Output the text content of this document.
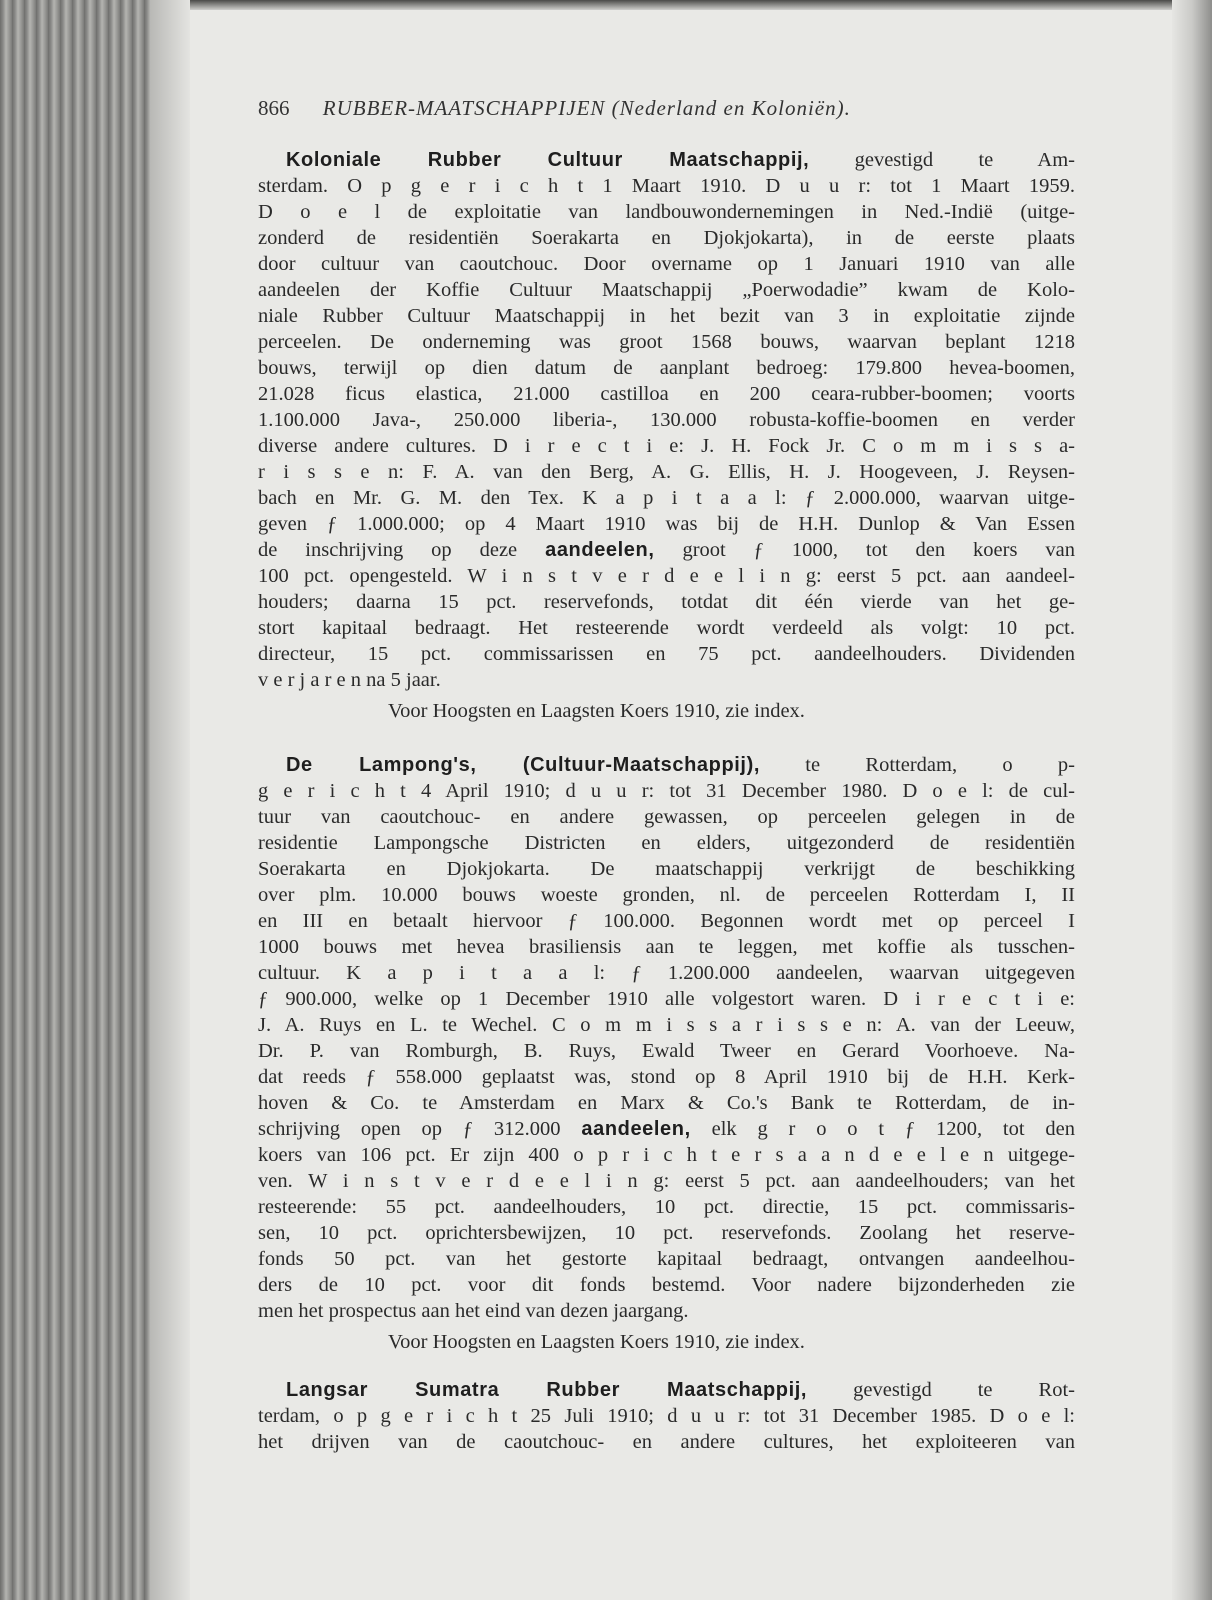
866 RUBBER-MAATSCHAPPIJEN (Nederland en Koloniën).
Koloniale Rubber Cultuur Maatschappij, gevestigd te Am-
sterdam. O p g e r i c h t 1 Maart 1910. D u u r: tot 1 Maart 1959.
D o e l de exploitatie van landbouwondernemingen in Ned.-Indië (uitge-
zonderd de residentiën Soerakarta en Djokjokarta), in de eerste plaats
door cultuur van caoutchouc. Door overname op 1 Januari 1910 van alle
aandeelen der Koffie Cultuur Maatschappij „Poerwodadie” kwam de Kolo-
niale Rubber Cultuur Maatschappij in het bezit van 3 in exploitatie zijnde
perceelen. De onderneming was groot 1568 bouws, waarvan beplant 1218
bouws, terwijl op dien datum de aanplant bedroeg: 179.800 hevea-boomen,
21.028 ficus elastica, 21.000 castilloa en 200 ceara-rubber-boomen; voorts
1.100.000 Java-, 250.000 liberia-, 130.000 robusta-koffie-boomen en verder
diverse andere cultures. D i r e c t i e: J. H. Fock Jr. C o m m i s s a-
r i s s e n: F. A. van den Berg, A. G. Ellis, H. J. Hoogeveen, J. Reysen-
bach en Mr. G. M. den Tex. K a p i t a a l: ƒ 2.000.000, waarvan uitge-
geven ƒ 1.000.000; op 4 Maart 1910 was bij de H.H. Dunlop & Van Essen
de inschrijving op deze aandeelen, groot ƒ 1000, tot den koers van
100 pct. opengesteld. W i n s t v e r d e e l i n g: eerst 5 pct. aan aandeel-
houders; daarna 15 pct. reservefonds, totdat dit één vierde van het ge-
stort kapitaal bedraagt. Het resteerende wordt verdeeld als volgt: 10 pct.
directeur, 15 pct. commissarissen en 75 pct. aandeelhouders. Dividenden
v e r j a r e n na 5 jaar.
Voor Hoogsten en Laagsten Koers 1910, zie index.
De Lampong's, (Cultuur-Maatschappij), te Rotterdam, o p-
g e r i c h t 4 April 1910; d u u r: tot 31 December 1980. D o e l: de cul-
tuur van caoutchouc- en andere gewassen, op perceelen gelegen in de
residentie Lampongsche Districten en elders, uitgezonderd de residentiën
Soerakarta en Djokjokarta. De maatschappij verkrijgt de beschikking
over plm. 10.000 bouws woeste gronden, nl. de perceelen Rotterdam I, II
en III en betaalt hiervoor ƒ 100.000. Begonnen wordt met op perceel I
1000 bouws met hevea brasiliensis aan te leggen, met koffie als tusschen-
cultuur. K a p i t a a l: ƒ 1.200.000 aandeelen, waarvan uitgegeven
ƒ 900.000, welke op 1 December 1910 alle volgestort waren. D i r e c t i e:
J. A. Ruys en L. te Wechel. C o m m i s s a r i s s e n: A. van der Leeuw,
Dr. P. van Romburgh, B. Ruys, Ewald Tweer en Gerard Voorhoeve. Na-
dat reeds ƒ 558.000 geplaatst was, stond op 8 April 1910 bij de H.H. Kerk-
hoven & Co. te Amsterdam en Marx & Co.'s Bank te Rotterdam, de in-
schrijving open op ƒ 312.000 aandeelen, elk g r o o t ƒ 1200, tot den
koers van 106 pct. Er zijn 400 o p r i c h t e r s a a n d e e l e n uitgege-
ven. W i n s t v e r d e e l i n g: eerst 5 pct. aan aandeelhouders; van het
resteerende: 55 pct. aandeelhouders, 10 pct. directie, 15 pct. commissaris-
sen, 10 pct. oprichtersbewijzen, 10 pct. reservefonds. Zoolang het reserve-
fonds 50 pct. van het gestorte kapitaal bedraagt, ontvangen aandeelhou-
ders de 10 pct. voor dit fonds bestemd. Voor nadere bijzonderheden zie
men het prospectus aan het eind van dezen jaargang.
Voor Hoogsten en Laagsten Koers 1910, zie index.
Langsar Sumatra Rubber Maatschappij, gevestigd te Rot-
terdam, o p g e r i c h t 25 Juli 1910; d u u r: tot 31 December 1985. D o e l:
het drijven van de caoutchouc- en andere cultures, het exploiteeren van
